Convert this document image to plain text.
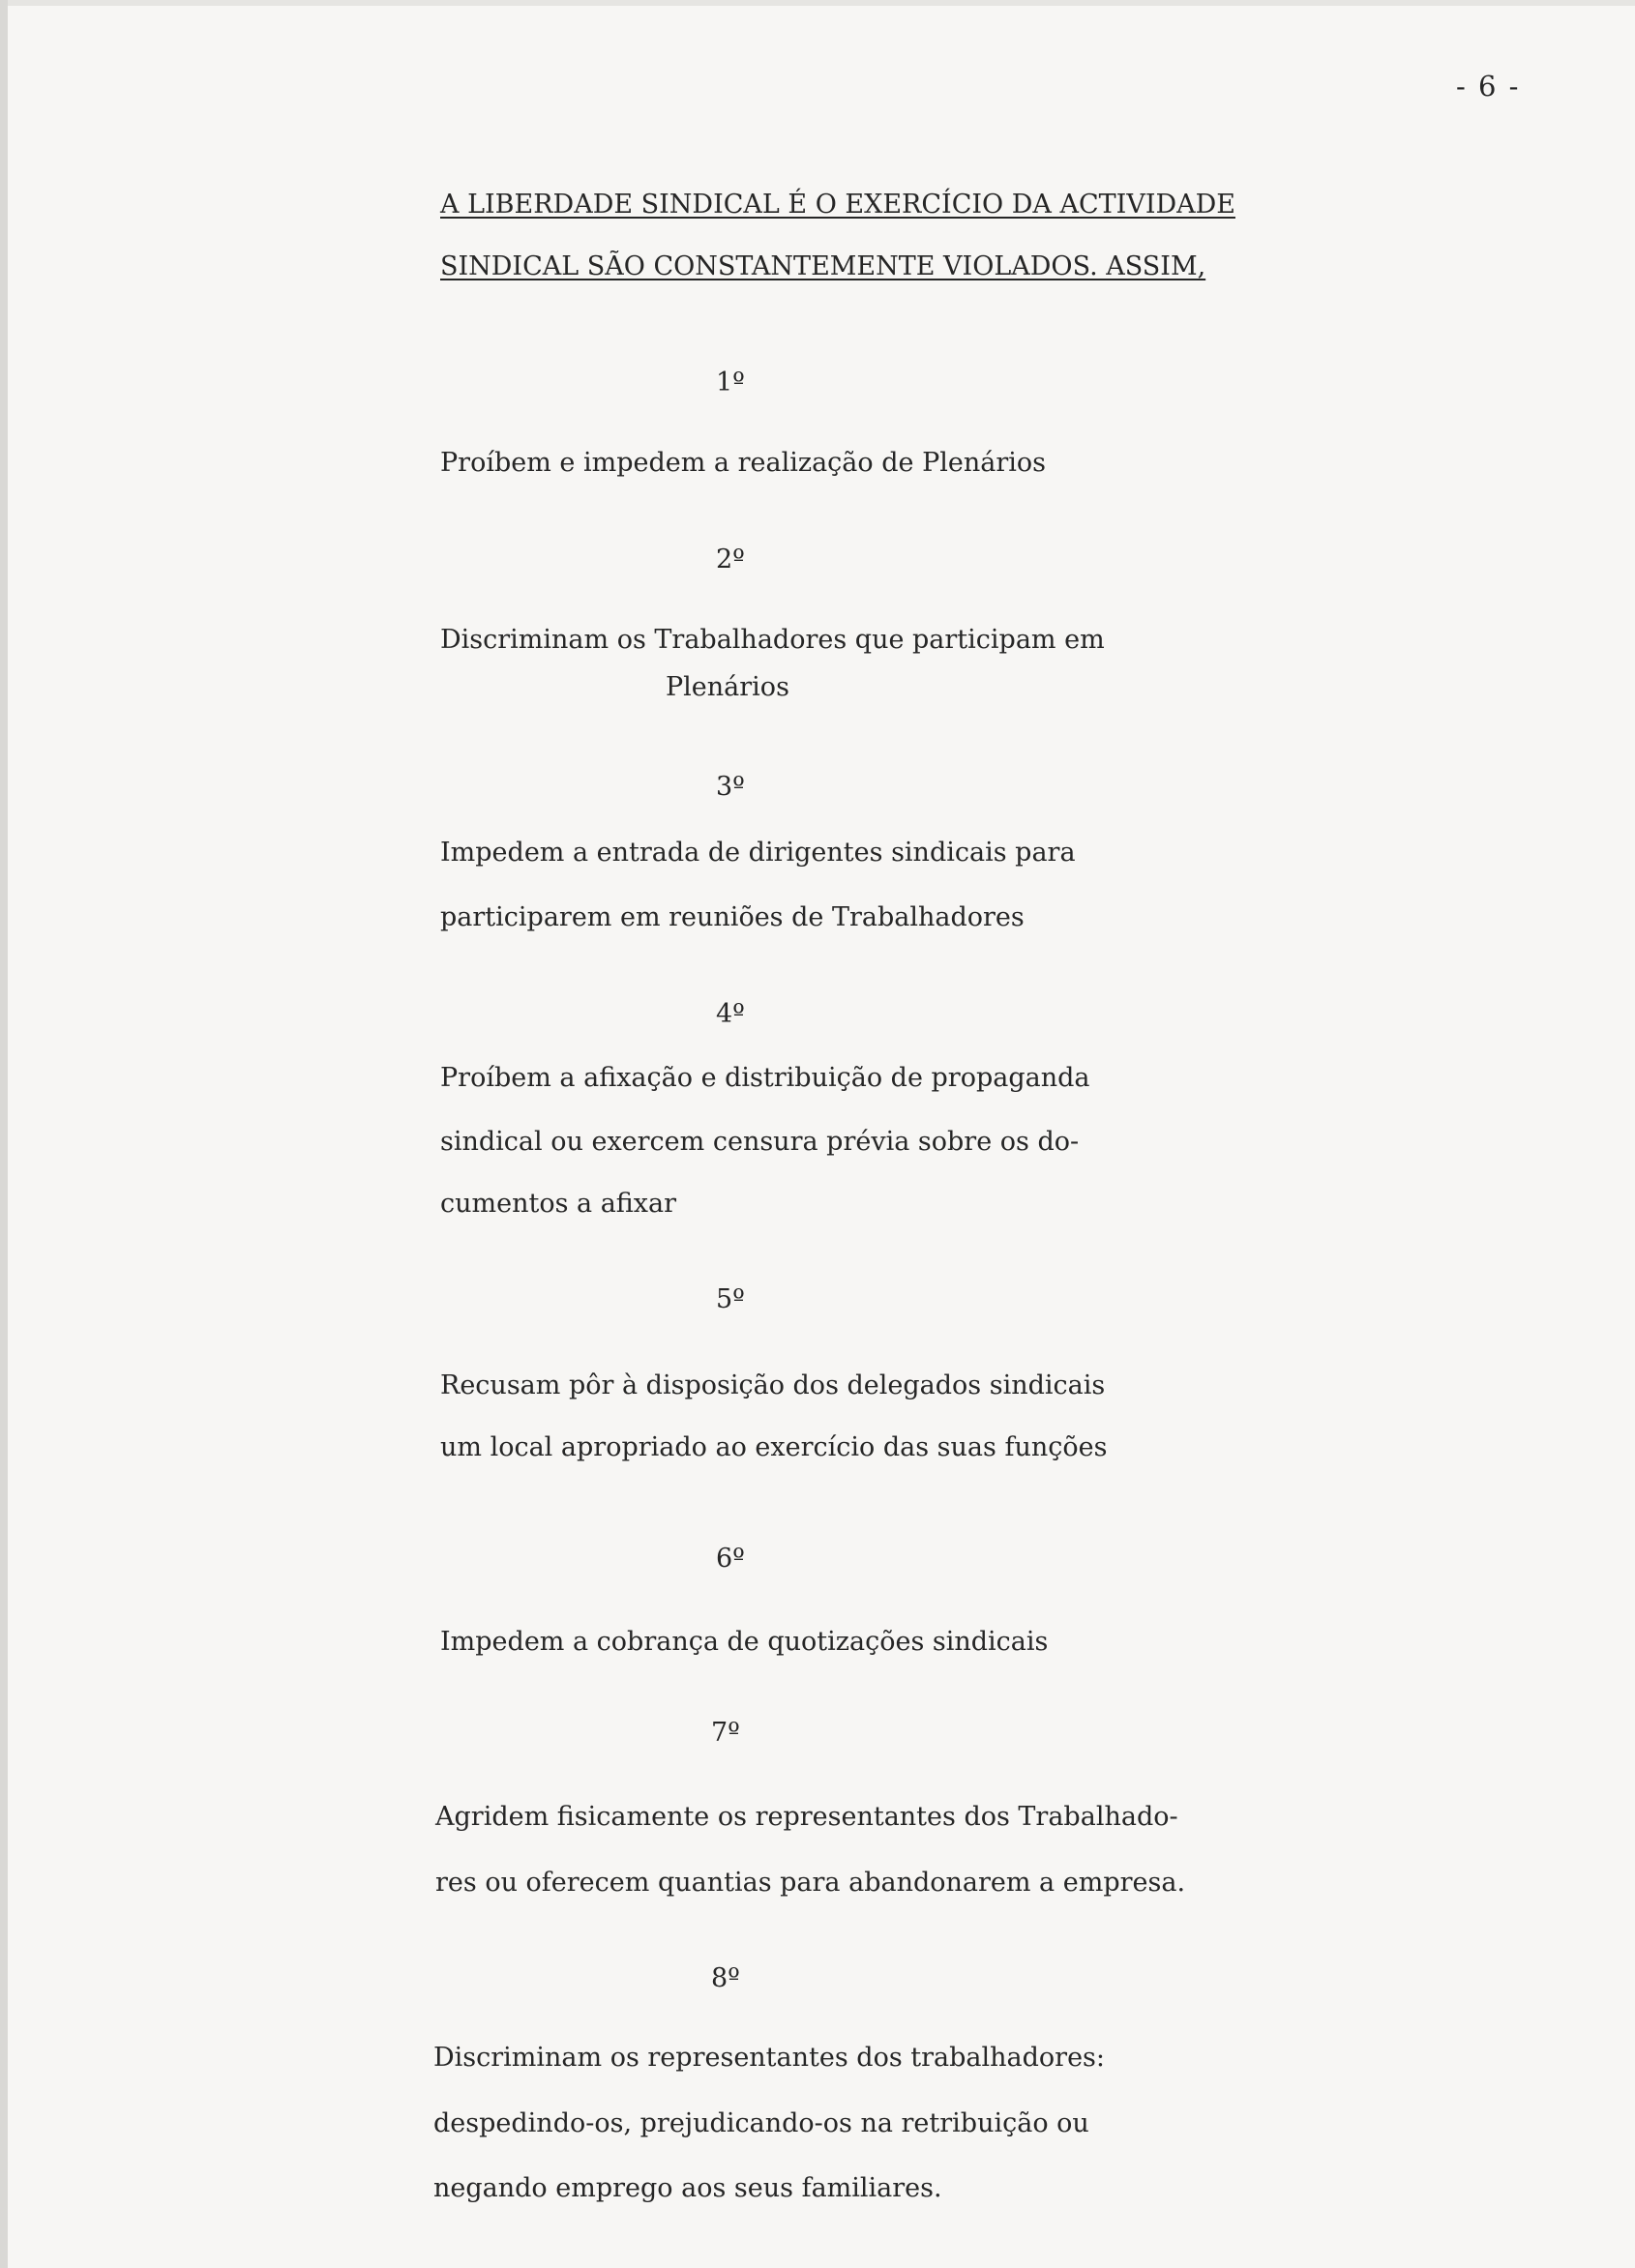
- 6 -
A LIBERDADE SINDICAL É O EXERCÍCIO DA ACTIVIDADE
SINDICAL SÃO CONSTANTEMENTE VIOLADOS. ASSIM,
1º
Proíbem e impedem a realização de Plenários
2º
Discriminam os Trabalhadores que participam em
Plenários
3º
Impedem a entrada de dirigentes sindicais para
participarem em reuniões de Trabalhadores
4º
Proíbem a afixação e distribuição de propaganda
sindical ou exercem censura prévia sobre os do-
cumentos a afixar
5º
Recusam pôr à disposição dos delegados sindicais
um local apropriado ao exercício das suas funções
6º
Impedem a cobrança de quotizações sindicais
7º
Agridem fisicamente os representantes dos Trabalhado-
res ou oferecem quantias para abandonarem a empresa.
8º
Discriminam os representantes dos trabalhadores:
despedindo-os, prejudicando-os na retribuição ou
negando emprego aos seus familiares.
